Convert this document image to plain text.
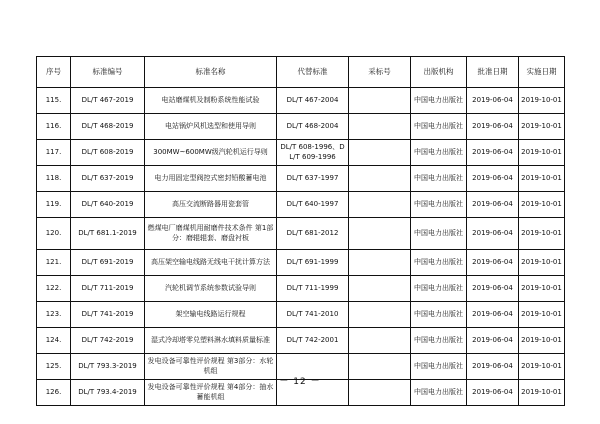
序号	标准编号	标准名称	代替标准	采标号	出版机构	批准日期	实施日期
115.	DL/T 467-2019	电站磨煤机及制粉系统性能试验	DL/T 467-2004		中国电力出版社	2019-06-04	2019-10-01
116.	DL/T 468-2019	电站锅炉风机选型和使用导则	DL/T 468-2004		中国电力出版社	2019-06-04	2019-10-01
117.	DL/T 608-2019	300MW~600MW级汽轮机运行导则	DL/T 608-1996、DL/T 609-1996		中国电力出版社	2019-06-04	2019-10-01
118.	DL/T 637-2019	电力用固定型阀控式密封铅酸蓄电池	DL/T 637-1997		中国电力出版社	2019-06-04	2019-10-01
119.	DL/T 640-2019	高压交流断路器用瓷套管	DL/T 640-1997		中国电力出版社	2019-06-04	2019-10-01
120.	DL/T 681.1-2019	燃煤电厂磨煤机用耐磨件技术条件 第1部分：磨辊辊套、磨盘衬板	DL/T 681-2012		中国电力出版社	2019-06-04	2019-10-01
121.	DL/T 691-2019	高压架空输电线路无线电干扰计算方法	DL/T 691-1999		中国电力出版社	2019-06-04	2019-10-01
122.	DL/T 711-2019	汽轮机调节系统参数试验导则	DL/T 711-1999		中国电力出版社	2019-06-04	2019-10-01
123.	DL/T 741-2019	架空输电线路运行规程	DL/T 741-2010		中国电力出版社	2019-06-04	2019-10-01
124.	DL/T 742-2019	湿式冷却塔零兑塑料淋水填料质量标准	DL/T 742-2001		中国电力出版社	2019-06-04	2019-10-01
125.	DL/T 793.3-2019	发电设备可靠性评价规程 第3部分：水轮机组			中国电力出版社	2019-06-04	2019-10-01
126.	DL/T 793.4-2019	发电设备可靠性评价规程 第4部分：抽水蓄能机组			中国电力出版社	2019-06-04	2019-10-01
－ 12 －
